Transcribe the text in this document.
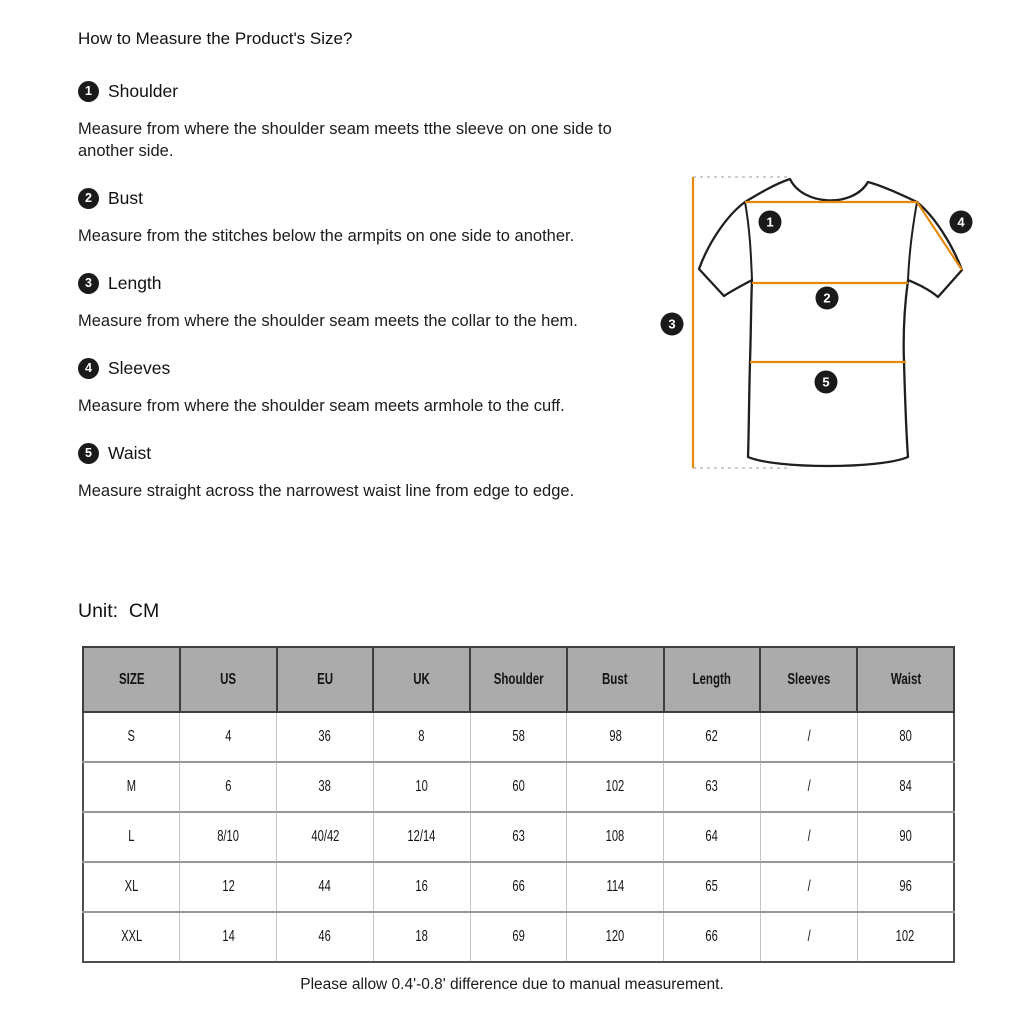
How to Measure the Product's Size?
1 Shoulder

Measure from where the shoulder seam meets tthe sleeve on one side to another side.

2 Bust

Measure from the stitches below the armpits on one side to another.

3 Length

Measure from where the shoulder seam meets the collar to the hem.

4 Sleeves

Measure from where the shoulder seam meets armhole to the cuff.

5 Waist

Measure straight across the narrowest waist line from edge to edge.

1
2
3
4
5
Unit:  CM
SIZE	US	EU	UK	Shoulder	Bust	Length	Sleeves	Waist
S	4	36	8	58	98	62	/	80
M	6	38	10	60	102	63	/	84
L	8/10	40/42	12/14	63	108	64	/	90
XL	12	44	16	66	114	65	/	96
XXL	14	46	18	69	120	66	/	102
Please allow 0.4'-0.8' difference due to manual measurement.
